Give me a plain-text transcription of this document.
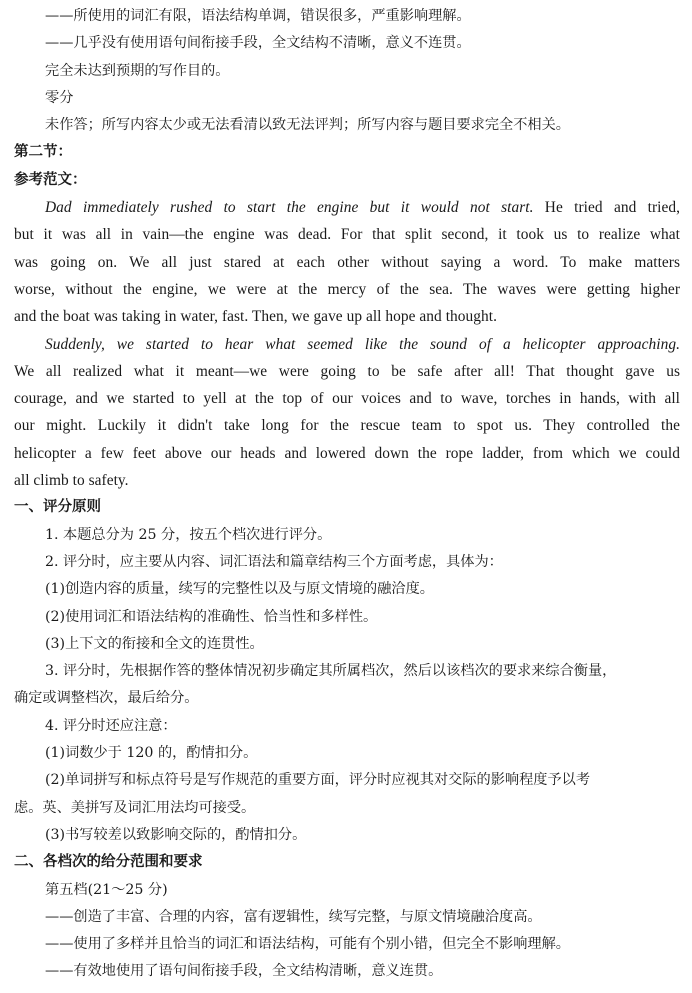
——所使用的词汇有限，语法结构单调，错误很多，严重影响理解。
——几乎没有使用语句间衔接手段，全文结构不清晰，意义不连贯。
完全未达到预期的写作目的。
零分
未作答；所写内容太少或无法看清以致无法评判；所写内容与题目要求完全不相关。
第二节：
参考范文：
Dad immediately rushed to start the engine but it would not start. He tried and tried,
but it was all in vain—the engine was dead. For that split second, it took us to realize what
was going on. We all just stared at each other without saying a word. To make matters
worse, without the engine, we were at the mercy of the sea. The waves were getting higher
and the boat was taking in water, fast. Then, we gave up all hope and thought.
Suddenly, we started to hear what seemed like the sound of a helicopter approaching.
We all realized what it meant—we were going to be safe after all! That thought gave us
courage, and we started to yell at the top of our voices and to wave, torches in hands, with all
our might. Luckily it didn't take long for the rescue team to spot us. They controlled the
helicopter a few feet above our heads and lowered down the rope ladder, from which we could
all climb to safety.
一、评分原则
1. 本题总分为 25 分，按五个档次进行评分。
2. 评分时，应主要从内容、词汇语法和篇章结构三个方面考虑，具体为：
(1)创造内容的质量，续写的完整性以及与原文情境的融洽度。
(2)使用词汇和语法结构的准确性、恰当性和多样性。
(3)上下文的衔接和全文的连贯性。
3. 评分时，先根据作答的整体情况初步确定其所属档次，然后以该档次的要求来综合衡量，
确定或调整档次，最后给分。
4. 评分时还应注意：
(1)词数少于 120 的，酌情扣分。
(2)单词拼写和标点符号是写作规范的重要方面，评分时应视其对交际的影响程度予以考
虑。英、美拼写及词汇用法均可接受。
(3)书写较差以致影响交际的，酌情扣分。
二、各档次的给分范围和要求
第五档(21～25 分)
——创造了丰富、合理的内容，富有逻辑性，续写完整，与原文情境融洽度高。
——使用了多样并且恰当的词汇和语法结构，可能有个别小错，但完全不影响理解。
——有效地使用了语句间衔接手段，全文结构清晰，意义连贯。
